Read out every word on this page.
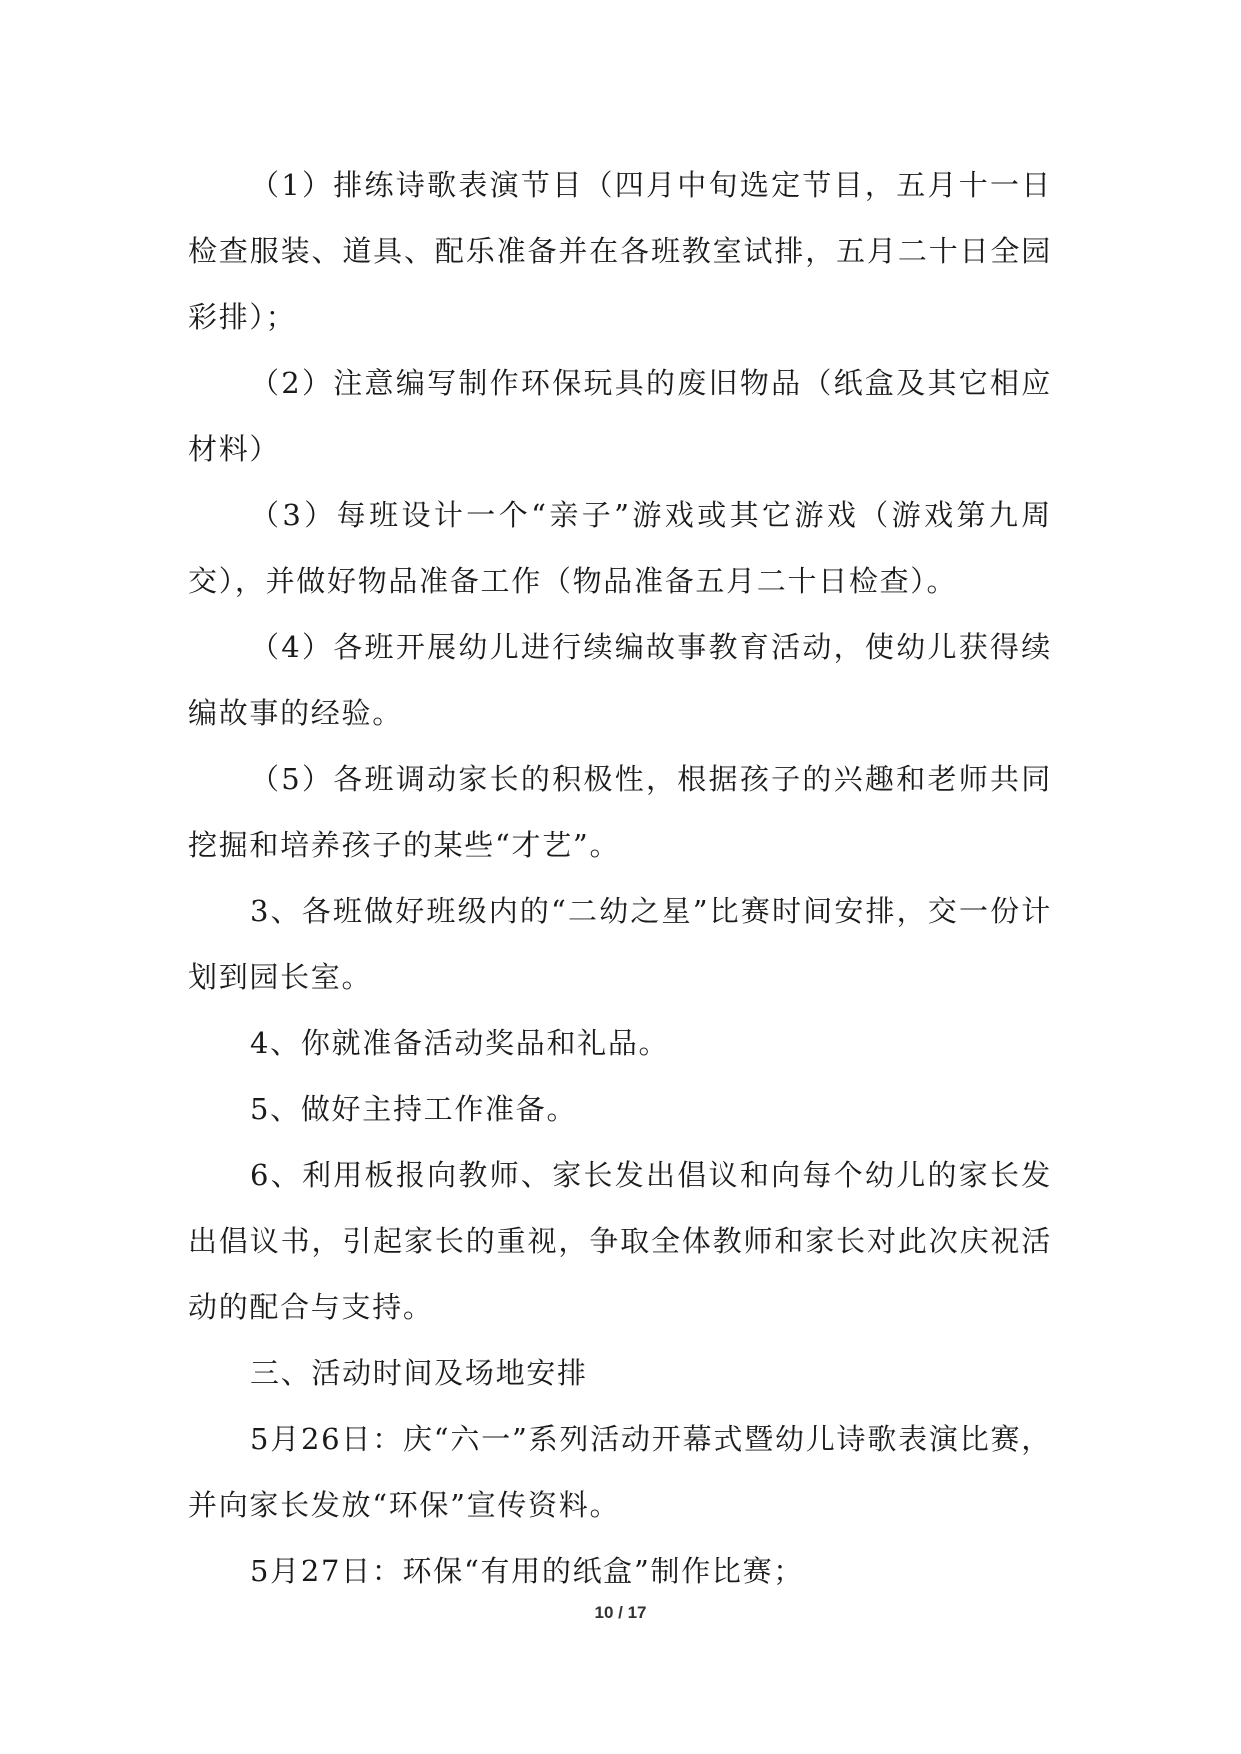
（1）排练诗歌表演节目（四月中旬选定节目，五月十一日检查服装、道具、配乐准备并在各班教室试排，五月二十日全园彩排）；

（2）注意编写制作环保玩具的废旧物品（纸盒及其它相应材料）

（3）每班设计一个“亲子”游戏或其它游戏（游戏第九周交），并做好物品准备工作（物品准备五月二十日检查）。

（4）各班开展幼儿进行续编故事教育活动，使幼儿获得续编故事的经验。

（5）各班调动家长的积极性，根据孩子的兴趣和老师共同挖掘和培养孩子的某些“才艺”。

3、各班做好班级内的“二幼之星”比赛时间安排，交一份计划到园长室。

4、你就准备活动奖品和礼品。

5、做好主持工作准备。

6、利用板报向教师、家长发出倡议和向每个幼儿的家长发出倡议书，引起家长的重视，争取全体教师和家长对此次庆祝活动的配合与支持。

三、活动时间及场地安排

5月26日：庆“六一”系列活动开幕式暨幼儿诗歌表演比赛，并向家长发放“环保”宣传资料。

5月27日：环保“有用的纸盒”制作比赛；

10 / 17
